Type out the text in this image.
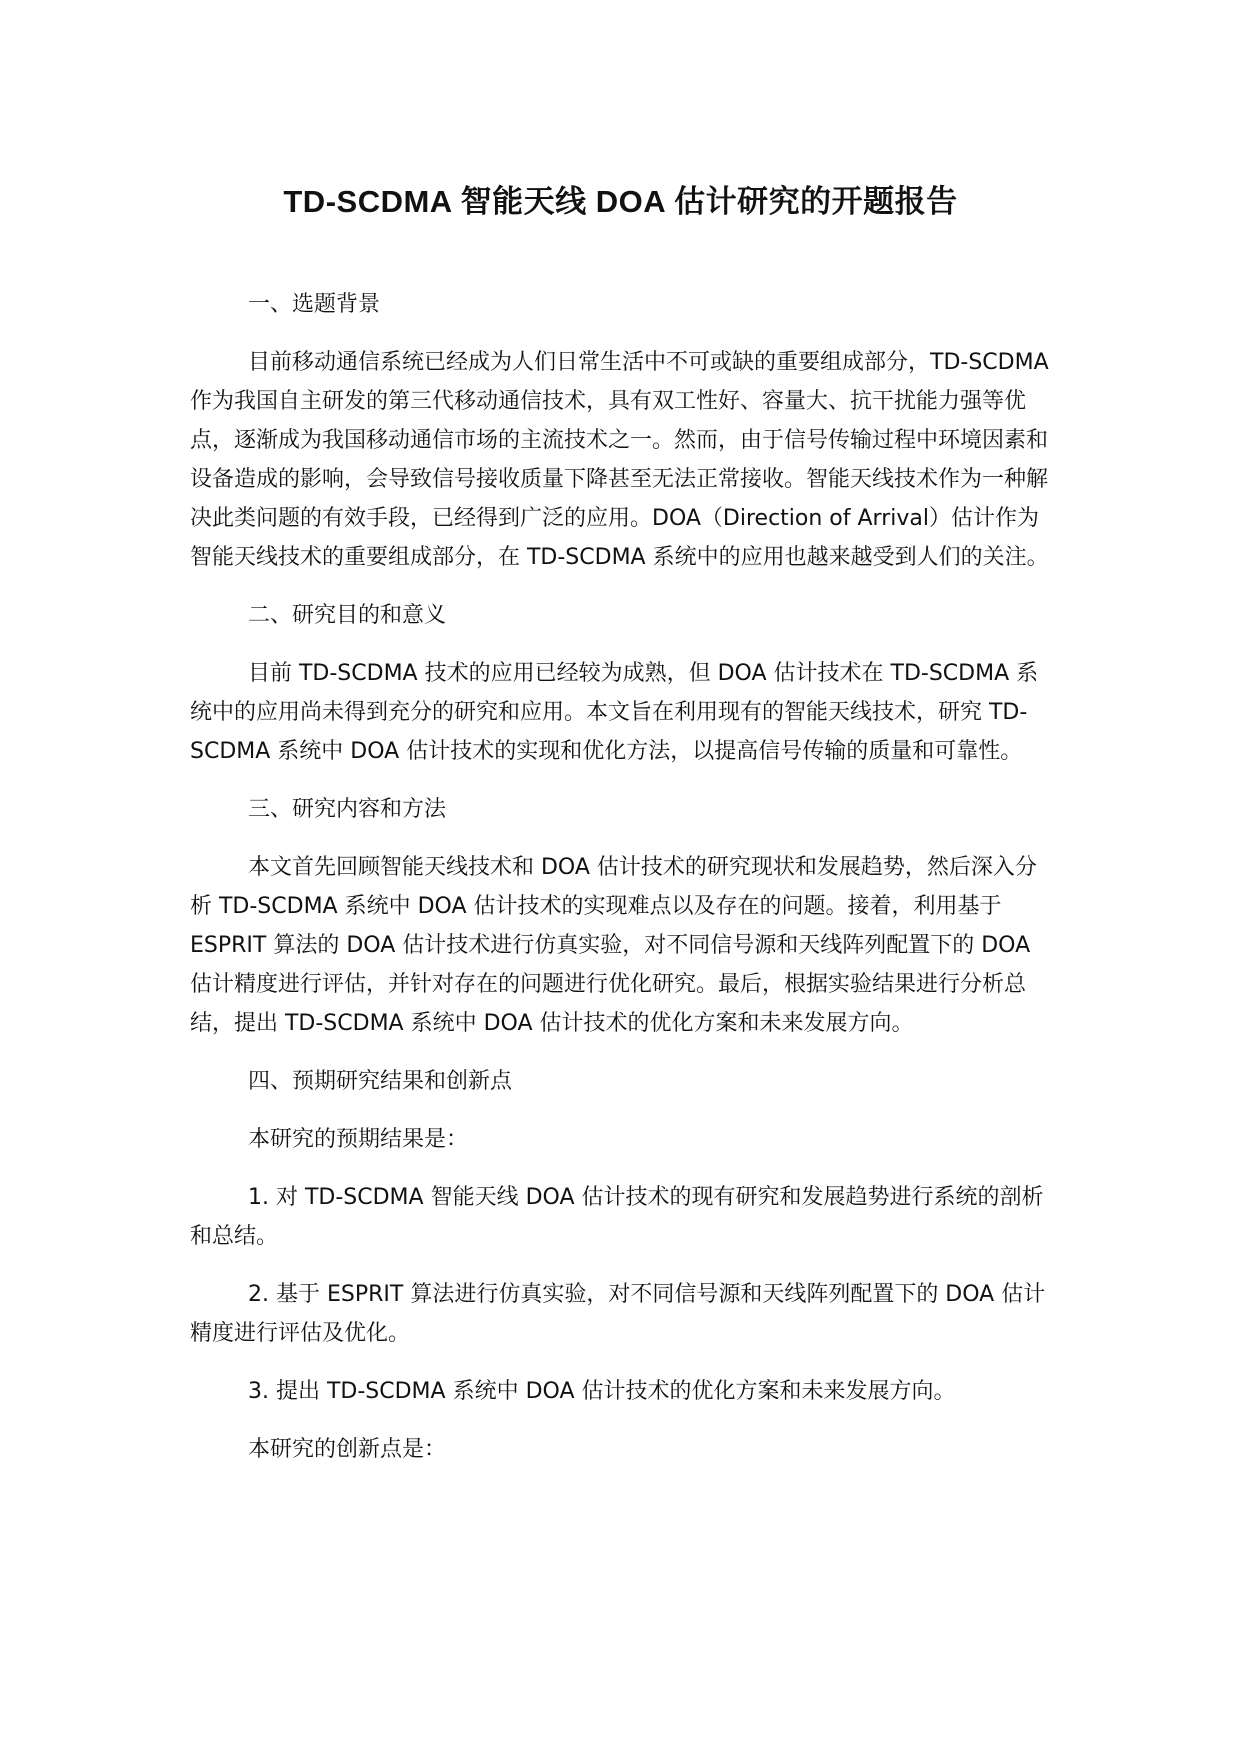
TD-SCDMA 智能天线 DOA 估计研究的开题报告
一、选题背景
目前移动通信系统已经成为人们日常生活中不可或缺的重要组成部分，TD-SCDMA 作为我国自主研发的第三代移动通信技术，具有双工性好、容量大、抗干扰能力强等优点，逐渐成为我国移动通信市场的主流技术之一。然而，由于信号传输过程中环境因素和设备造成的影响，会导致信号接收质量下降甚至无法正常接收。智能天线技术作为一种解决此类问题的有效手段，已经得到广泛的应用。DOA（Direction of Arrival）估计作为智能天线技术的重要组成部分，在 TD-SCDMA 系统中的应用也越来越受到人们的关注。
二、研究目的和意义
目前 TD-SCDMA 技术的应用已经较为成熟，但 DOA 估计技术在 TD-SCDMA 系统中的应用尚未得到充分的研究和应用。本文旨在利用现有的智能天线技术，研究 TD-SCDMA 系统中 DOA 估计技术的实现和优化方法，以提高信号传输的质量和可靠性。
三、研究内容和方法
本文首先回顾智能天线技术和 DOA 估计技术的研究现状和发展趋势，然后深入分析 TD-SCDMA 系统中 DOA 估计技术的实现难点以及存在的问题。接着，利用基于 ESPRIT 算法的 DOA 估计技术进行仿真实验，对不同信号源和天线阵列配置下的 DOA 估计精度进行评估，并针对存在的问题进行优化研究。最后，根据实验结果进行分析总结，提出 TD-SCDMA 系统中 DOA 估计技术的优化方案和未来发展方向。
四、预期研究结果和创新点
本研究的预期结果是：
1. 对 TD-SCDMA 智能天线 DOA 估计技术的现有研究和发展趋势进行系统的剖析和总结。
2. 基于 ESPRIT 算法进行仿真实验，对不同信号源和天线阵列配置下的 DOA 估计精度进行评估及优化。
3. 提出 TD-SCDMA 系统中 DOA 估计技术的优化方案和未来发展方向。
本研究的创新点是：
